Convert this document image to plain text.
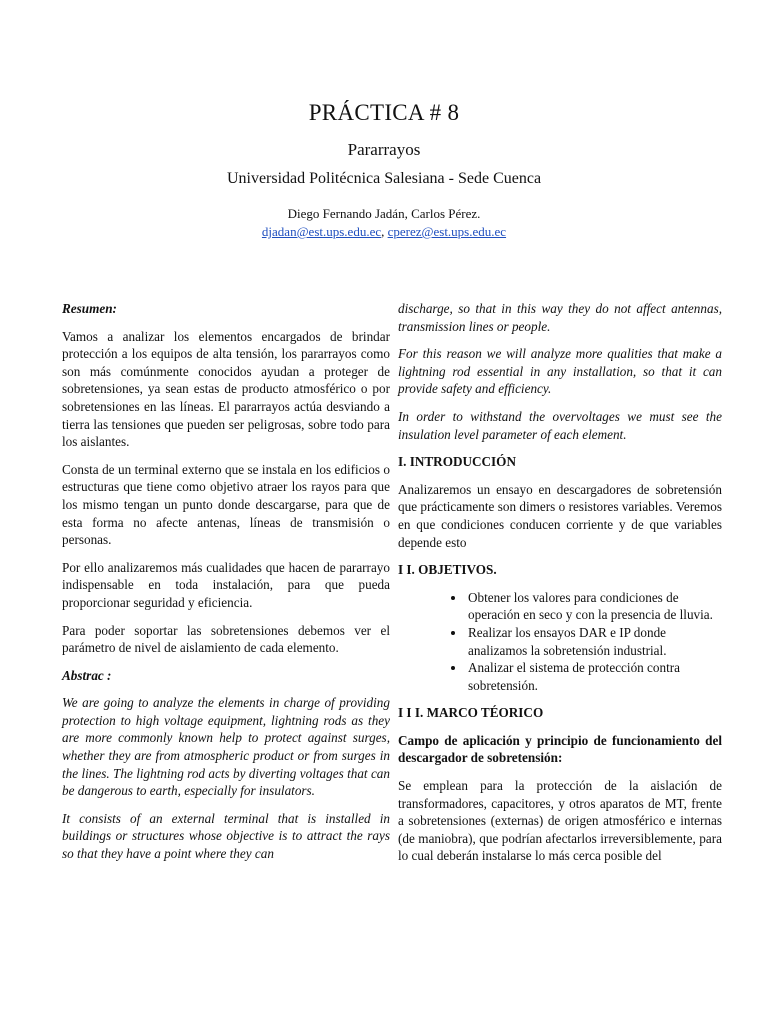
PRÁCTICA # 8
Pararrayos
Universidad Politécnica Salesiana - Sede Cuenca
Diego Fernando Jadán, Carlos Pérez.
djadan@est.ups.edu.ec, cperez@est.ups.edu.ec

Resumen:

Vamos a analizar los elementos encargados de brindar protección a los equipos de alta tensión, los pararrayos como son más comúnmente conocidos ayudan a proteger de sobretensiones, ya sean estas de producto atmosférico o por sobretensiones en las líneas. El pararrayos actúa desviando a tierra las tensiones que pueden ser peligrosas, sobre todo para los aislantes.

Consta de un terminal externo que se instala en los edificios o estructuras que tiene como objetivo atraer los rayos para que los mismo tengan un punto donde descargarse, para que de esta forma no afecte antenas, líneas de transmisión o personas.

Por ello analizaremos más cualidades que hacen de pararrayo indispensable en toda instalación, para que pueda proporcionar seguridad y eficiencia.

Para poder soportar las sobretensiones debemos ver el parámetro de nivel de aislamiento de cada elemento.

Abstrac :

We are going to analyze the elements in charge of providing protection to high voltage equipment, lightning rods as they are more commonly known help to protect against surges, whether they are from atmospheric product or from surges in the lines. The lightning rod acts by diverting voltages that can be dangerous to earth, especially for insulators.

It consists of an external terminal that is installed in buildings or structures whose objective is to attract the rays so that they have a point where they can

discharge, so that in this way they do not affect antennas, transmission lines or people.

For this reason we will analyze more qualities that make a lightning rod essential in any installation, so that it can provide safety and efficiency.

In order to withstand the overvoltages we must see the insulation level parameter of each element.

I. INTRODUCCIÓN

Analizaremos un ensayo en descargadores de sobretensión que prácticamente son dimers o resistores variables. Veremos en que condiciones conducen corriente y de que variables depende esto

I I. OBJETIVOS.

• Obtener los valores para condiciones de operación en seco y con la presencia de lluvia.
• Realizar los ensayos DAR e IP donde analizamos la sobretensión industrial.
• Analizar el sistema de protección contra sobretensión.

I I I. MARCO TÉORICO

Campo de aplicación y principio de funcionamiento del descargador de sobretensión:

Se emplean para la protección de la aislación de transformadores, capacitores, y otros aparatos de MT, frente a sobretensiones (externas) de origen atmosférico e internas (de maniobra), que podrían afectarlos irreversiblemente, para lo cual deberán instalarse lo más cerca posible del
